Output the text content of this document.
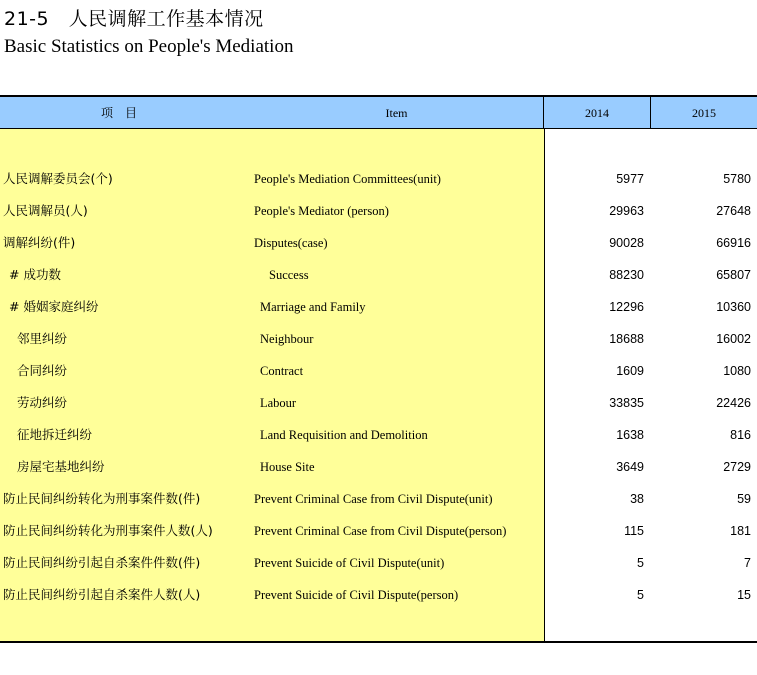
21-5　人民调解工作基本情况
Basic Statistics on People's Mediation
项目	Item	2014	2015
人民调解委员会(个)	People's Mediation Committees(unit)	5977	5780
人民调解员(人)	People's Mediator (person)	29963	27648
调解纠纷(件)	Disputes(case)	90028	66916
# 成功数	Success	88230	65807
# 婚姻家庭纠纷	Marriage and Family	12296	10360
邻里纠纷	Neighbour	18688	16002
合同纠纷	Contract	1609	1080
劳动纠纷	Labour	33835	22426
征地拆迁纠纷	Land Requisition and Demolition	1638	816
房屋宅基地纠纷	House Site	3649	2729
防止民间纠纷转化为刑事案件数(件)	Prevent Criminal Case from Civil Dispute(unit)	38	59
防止民间纠纷转化为刑事案件人数(人)	Prevent Criminal Case from Civil Dispute(person)	115	181
防止民间纠纷引起自杀案件件数(件)	Prevent Suicide of Civil Dispute(unit)	5	7
防止民间纠纷引起自杀案件人数(人)	Prevent Suicide of Civil Dispute(person)	5	15
